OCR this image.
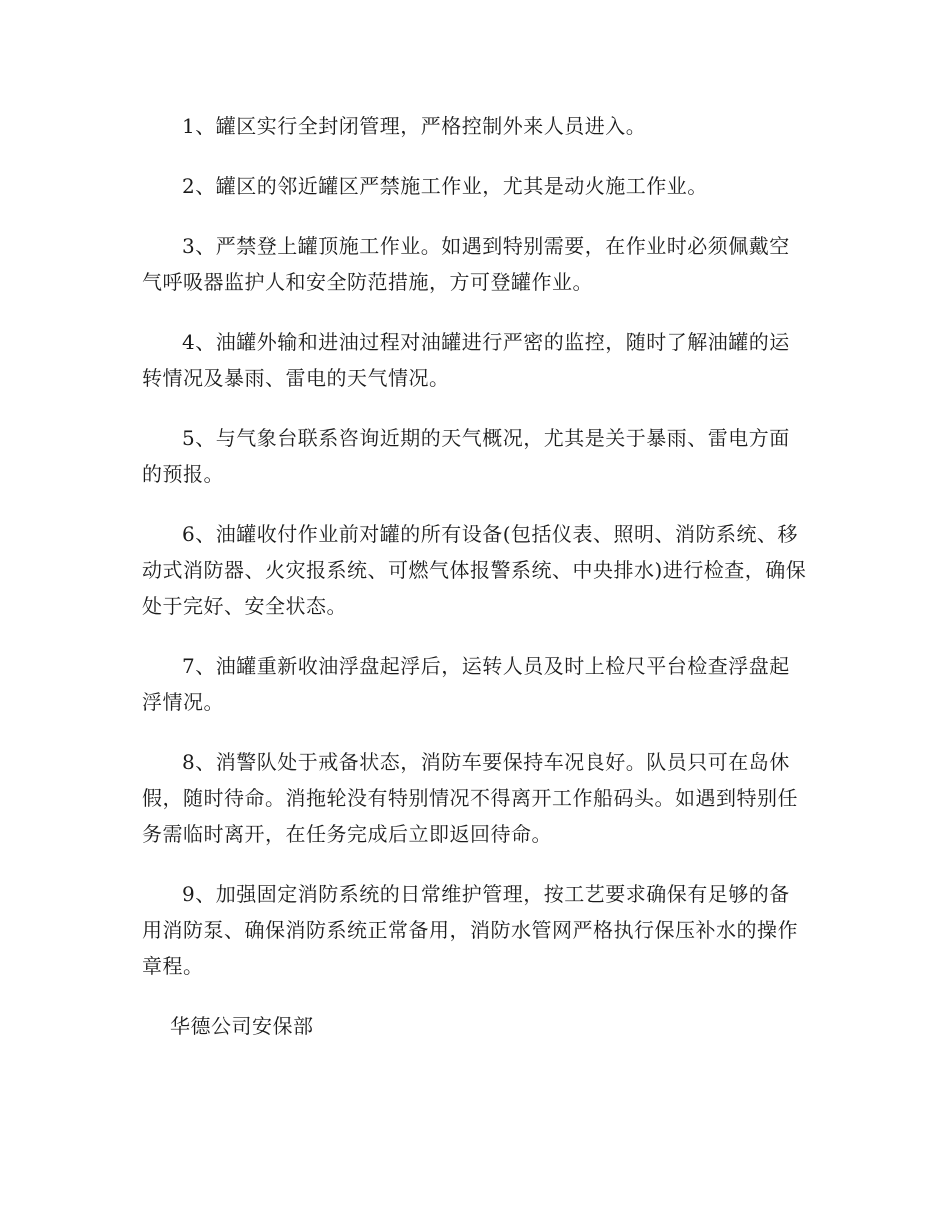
1、罐区实行全封闭管理，严格控制外来人员进入。

2、罐区的邻近罐区严禁施工作业，尤其是动火施工作业。

3、严禁登上罐顶施工作业。如遇到特别需要，在作业时必须佩戴空气呼吸器监护人和安全防范措施，方可登罐作业。

4、油罐外输和进油过程对油罐进行严密的监控，随时了解油罐的运转情况及暴雨、雷电的天气情况。

5、与气象台联系咨询近期的天气概况，尤其是关于暴雨、雷电方面的预报。

6、油罐收付作业前对罐的所有设备(包括仪表、照明、消防系统、移动式消防器、火灾报系统、可燃气体报警系统、中央排水)进行检查，确保处于完好、安全状态。

7、油罐重新收油浮盘起浮后，运转人员及时上检尺平台检查浮盘起浮情况。

8、消警队处于戒备状态，消防车要保持车况良好。队员只可在岛休假，随时待命。消拖轮没有特别情况不得离开工作船码头。如遇到特别任务需临时离开，在任务完成后立即返回待命。

9、加强固定消防系统的日常维护管理，按工艺要求确保有足够的备用消防泵、确保消防系统正常备用，消防水管网严格执行保压补水的操作章程。

华德公司安保部
